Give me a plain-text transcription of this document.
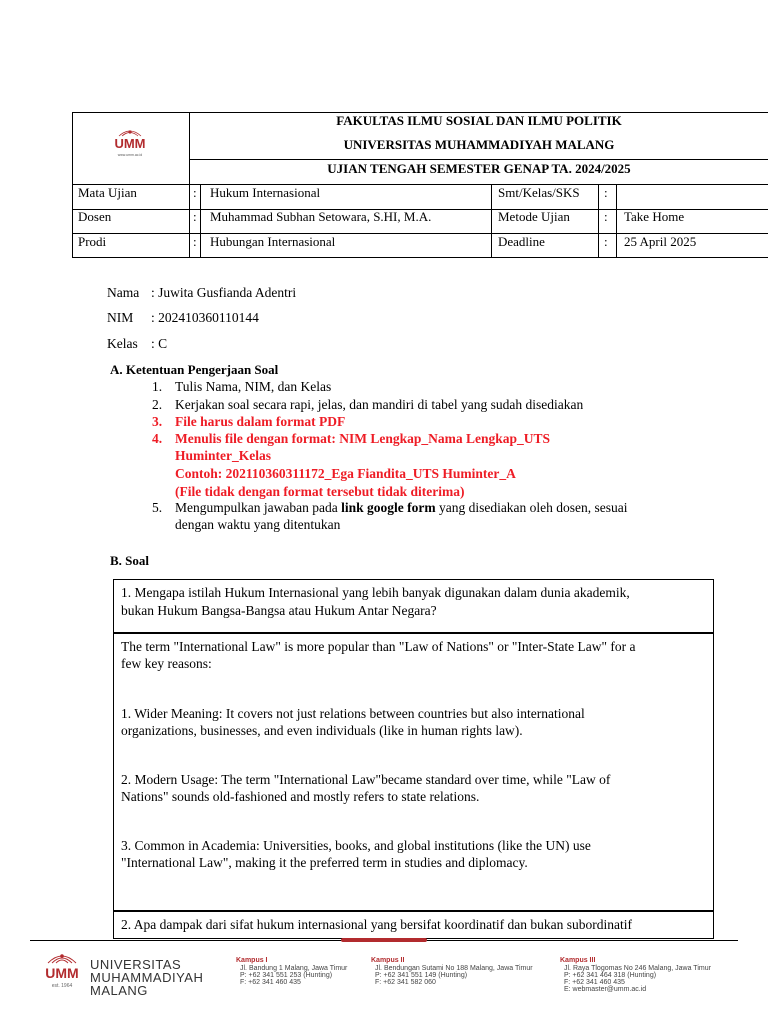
UMM
www.umm.ac.id
FAKULTAS ILMU SOSIAL DAN ILMU POLITIK
UNIVERSITAS MUHAMMADIYAH MALANG
UJIAN TENGAH SEMESTER GENAP TA. 2024/2025
Mata Ujian	: Hukum Internasional	Smt/Kelas/SKS :
Dosen	: Muhammad Subhan Setowara, S.HI, M.A.	Metode Ujian	: Take Home
Prodi	: Hubungan Internasional	Deadline	: 25 April 2025
Nama : Juwita Gusfianda Adentri
NIM : 202410360110144
Kelas : C
A. Ketentuan Pengerjaan Soal
1. Tulis Nama, NIM, dan Kelas
2. Kerjakan soal secara rapi, jelas, dan mandiri di tabel yang sudah disediakan
3. File harus dalam format PDF
4. Menulis file dengan format: NIM Lengkap_Nama Lengkap_UTS
Huminter_Kelas
Contoh: 202110360311172_Ega Fiandita_UTS Huminter_A
(File tidak dengan format tersebut tidak diterima)
5. Mengumpulkan jawaban pada link google form yang disediakan oleh dosen, sesuai
dengan waktu yang ditentukan
B. Soal
1. Mengapa istilah Hukum Internasional yang lebih banyak digunakan dalam dunia akademik,
bukan Hukum Bangsa-Bangsa atau Hukum Antar Negara?
The term "International Law" is more popular than "Law of Nations" or "Inter-State Law" for a
few key reasons:
1. Wider Meaning: It covers not just relations between countries but also international
organizations, businesses, and even individuals (like in human rights law).
2. Modern Usage: The term "International Law"became standard over time, while "Law of
Nations" sounds old-fashioned and mostly refers to state relations.
3. Common in Academia: Universities, books, and global institutions (like the UN) use
"International Law", making it the preferred term in studies and diplomacy.
2. Apa dampak dari sifat hukum internasional yang bersifat koordinatif dan bukan subordinatif
UMM
est. 1964
UNIVERSITAS
MUHAMMADIYAH
MALANG
Kampus I
Jl. Bandung 1 Malang, Jawa Timur
P: +62 341 551 253 (Hunting)
F: +62 341 460 435
Kampus II
Jl. Bendungan Sutami No 188 Malang, Jawa Timur
P: +62 341 551 149 (Hunting)
F: +62 341 582 060
Kampus III
Jl. Raya Tlogomas No 246 Malang, Jawa Timur
P: +62 341 464 318 (Hunting)
F: +62 341 460 435
E: webmaster@umm.ac.id
